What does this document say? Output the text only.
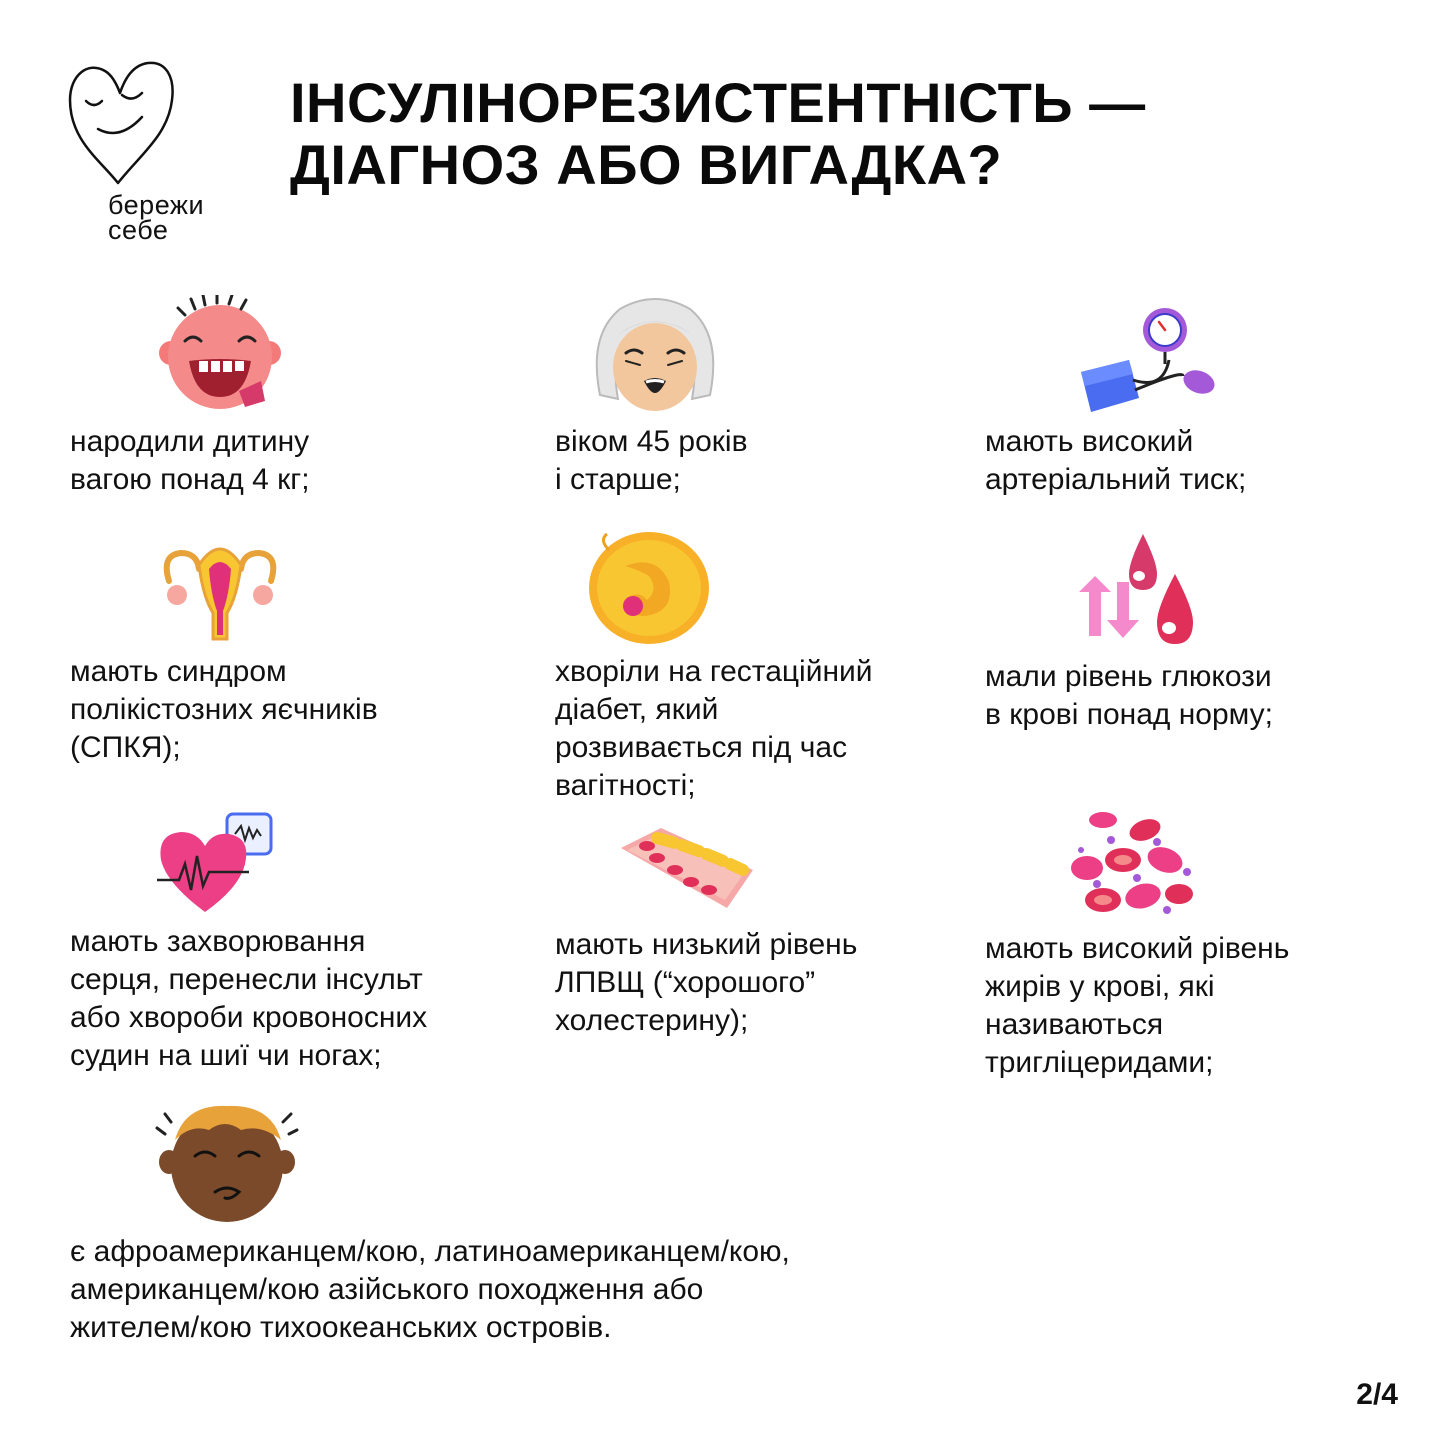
бережи
себе
ІНСУЛІНОРЕЗИСТЕНТНІСТЬ —
ДІАГНОЗ АБО ВИГАДКА?
народили дитину
вагою понад 4 кг;
віком 45 років
і старше;
мають високий
артеріальний тиск;
мають синдром
полікістозних яєчників
(СПКЯ);
хворіли на гестаційний
діабет, який
розвивається під час
вагітності;
мали рівень глюкози
в крові понад норму;
мають захворювання
серця, перенесли інсульт
або хвороби кровоносних
судин на шиї чи ногах;
мають низький рівень
ЛПВЩ (“хорошого”
холестерину);
мають високий рівень
жирів у крові, які
називаються
тригліцеридами;
є афроамериканцем/кою, латиноамериканцем/кою,
американцем/кою азійського походження або
жителем/кою тихоокеанських островів.
2/4
